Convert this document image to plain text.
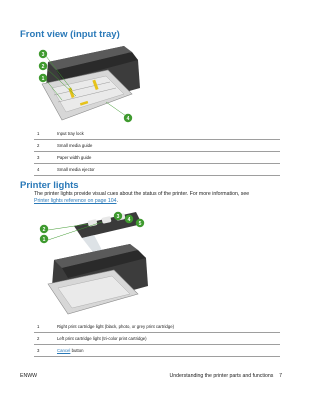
Front view (input tray)
3
2
1
4
1	Input tray lock
2	Small media guide
3	Paper width guide
4	Small media ejector
Printer lights
The printer lights provide visual cues about the status of the printer. For more information, see
Printer lights reference on page 104.
3 4
5
2
1
1	Right print cartridge light (black, photo, or grey print cartridge)
2	Left print cartridge light (tri-color print cartridge)
3	Cancel button
ENWW	Understanding the printer parts and functions 7
